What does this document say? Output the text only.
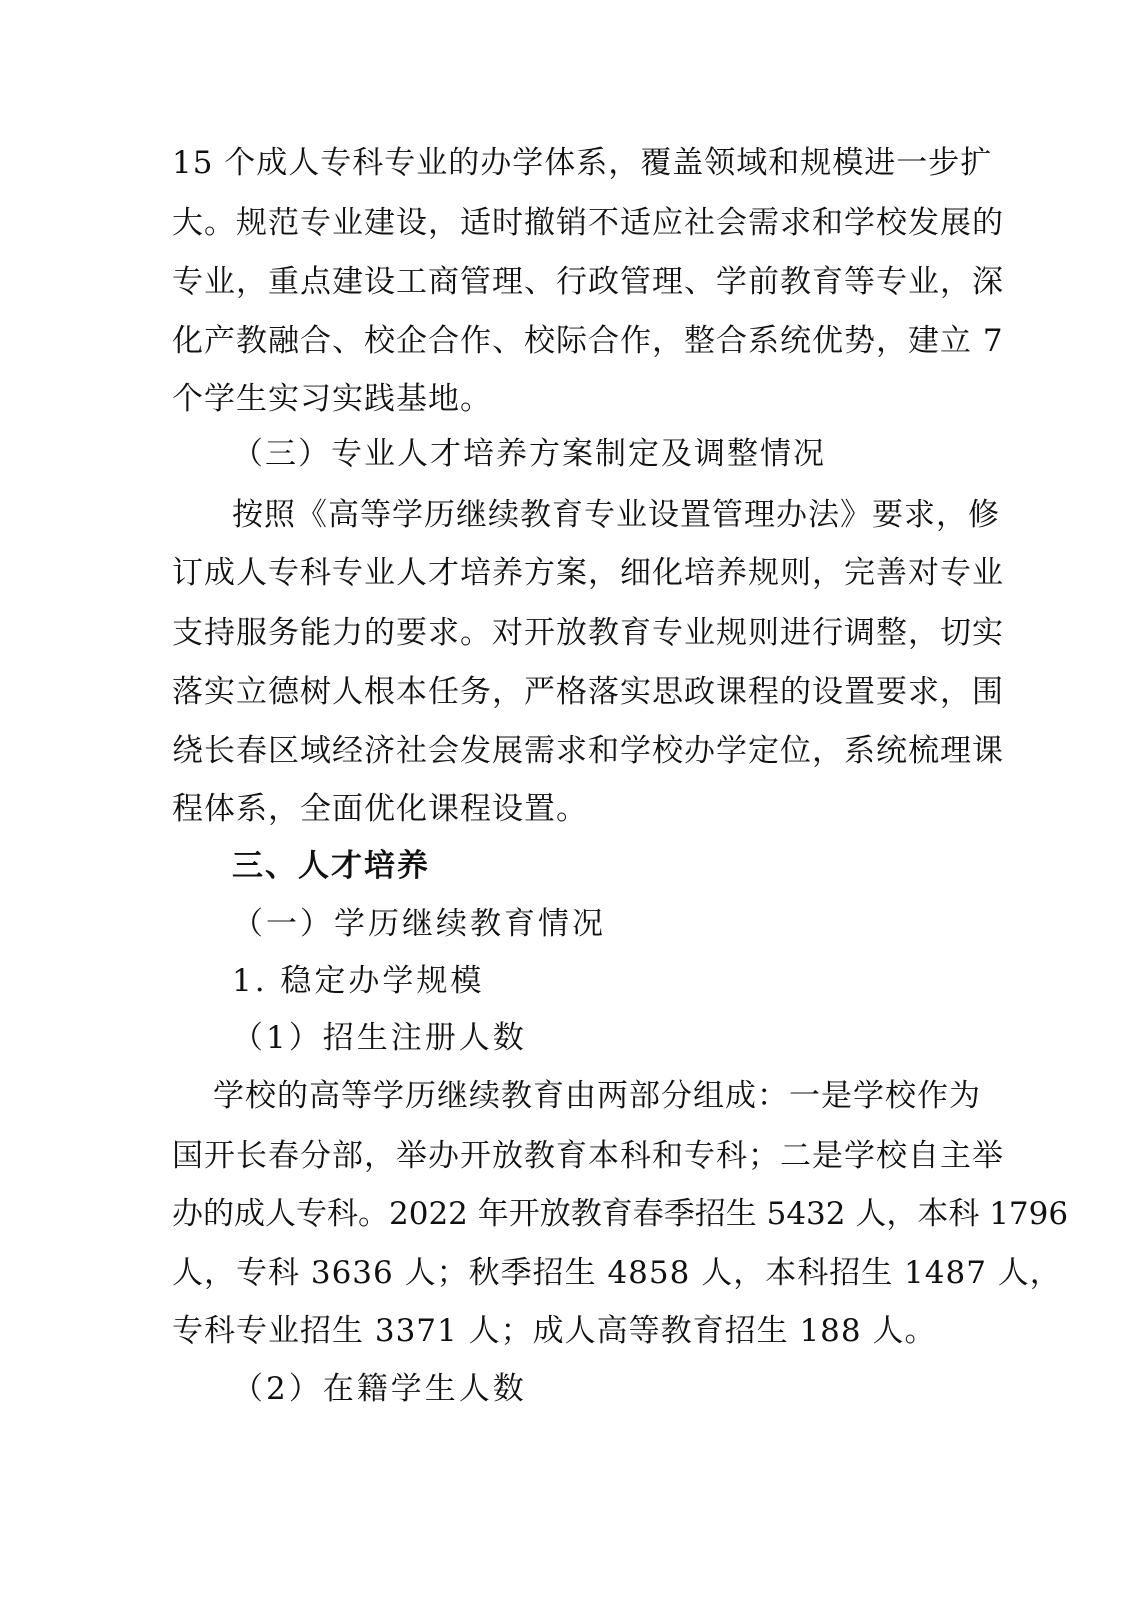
15 个成人专科专业的办学体系，覆盖领域和规模进一步扩
大。规范专业建设，适时撤销不适应社会需求和学校发展的
专业，重点建设工商管理、行政管理、学前教育等专业，深
化产教融合、校企合作、校际合作，整合系统优势，建立 7
个学生实习实践基地。
（三）专业人才培养方案制定及调整情况
按照《高等学历继续教育专业设置管理办法》要求，修
订成人专科专业人才培养方案，细化培养规则，完善对专业
支持服务能力的要求。对开放教育专业规则进行调整，切实
落实立德树人根本任务，严格落实思政课程的设置要求，围
绕长春区域经济社会发展需求和学校办学定位，系统梳理课
程体系，全面优化课程设置。
三、人才培养
（一）学历继续教育情况
1. 稳定办学规模
（1）招生注册人数
学校的高等学历继续教育由两部分组成：一是学校作为
国开长春分部，举办开放教育本科和专科；二是学校自主举
办的成人专科。2022 年开放教育春季招生 5432 人，本科 1796
人，专科 3636 人；秋季招生 4858 人，本科招生 1487 人，
专科专业招生 3371 人；成人高等教育招生 188 人。
（2）在籍学生人数
